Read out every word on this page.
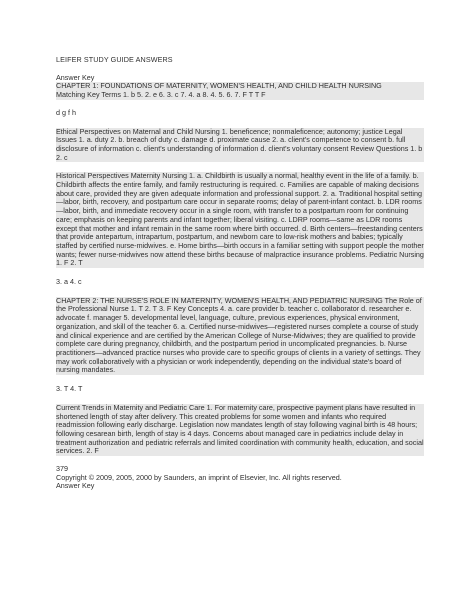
LEIFER STUDY GUIDE ANSWERS

Answer Key

CHAPTER 1: FOUNDATIONS OF MATERNITY, WOMEN'S HEALTH, AND CHILD HEALTH NURSING

Matching Key Terms 1. b 5. 2. e 6. 3. c 7. 4. a 8. 4. 5. 6. 7. F T T F

d g f h

Ethical Perspectives on Maternal and Child Nursing 1. beneficence; nonmaleficence; autonomy; justice Legal Issues 1. a. duty 2. b. breach of duty c. damage d. proximate cause 2. a. client's competence to consent b. full disclosure of information c. client's understanding of information d. client's voluntary consent Review Questions 1. b 2. c

Historical Perspectives Maternity Nursing 1. a. Childbirth is usually a normal, healthy event in the life of a family. b. Childbirth affects the entire family, and family restructuring is required. c. Families are capable of making decisions about care, provided they are given adequate information and professional support. 2. a. Traditional hospital setting—labor, birth, recovery, and postpartum care occur in separate rooms; delay of parent-infant contact. b. LDR rooms—labor, birth, and immediate recovery occur in a single room, with transfer to a postpartum room for continuing care; emphasis on keeping parents and infant together; liberal visiting. c. LDRP rooms—same as LDR rooms except that mother and infant remain in the same room where birth occurred. d. Birth centers—freestanding centers that provide antepartum, intrapartum, postpartum, and newborn care to low-risk mothers and babies; typically staffed by certified nurse-midwives. e. Home births—birth occurs in a familiar setting with support people the mother wants; fewer nurse-midwives now attend these births because of malpractice insurance problems. Pediatric Nursing 1. F 2. T

3. a 4. c

CHAPTER 2: THE NURSE'S ROLE IN MATERNITY, WOMEN'S HEALTH, AND PEDIATRIC NURSING The Role of the Professional Nurse 1. T 2. T 3. F Key Concepts 4. a. care provider b. teacher c. collaborator d. researcher e. advocate f. manager 5. developmental level, language, culture, previous experiences, physical environment, organization, and skill of the teacher 6. a. Certified nurse-midwives—registered nurses complete a course of study and clinical experience and are certified by the American College of Nurse-Midwives; they are qualified to provide complete care during pregnancy, childbirth, and the postpartum period in uncomplicated pregnancies. b. Nurse practitioners—advanced practice nurses who provide care to specific groups of clients in a variety of settings. They may work collaboratively with a physician or work independently, depending on the individual state's board of nursing mandates.

3. T 4. T

Current Trends in Maternity and Pediatric Care 1. For maternity care, prospective payment plans have resulted in shortened length of stay after delivery. This created problems for some women and infants who required readmission following early discharge. Legislation now mandates length of stay following vaginal birth is 48 hours; following cesarean birth, length of stay is 4 days. Concerns about managed care in pediatrics include delay in treatment authorization and pediatric referrals and limited coordination with community health, education, and social services. 2. F

379

Copyright © 2009, 2005, 2000 by Saunders, an imprint of Elsevier, Inc. All rights reserved.

Answer Key
